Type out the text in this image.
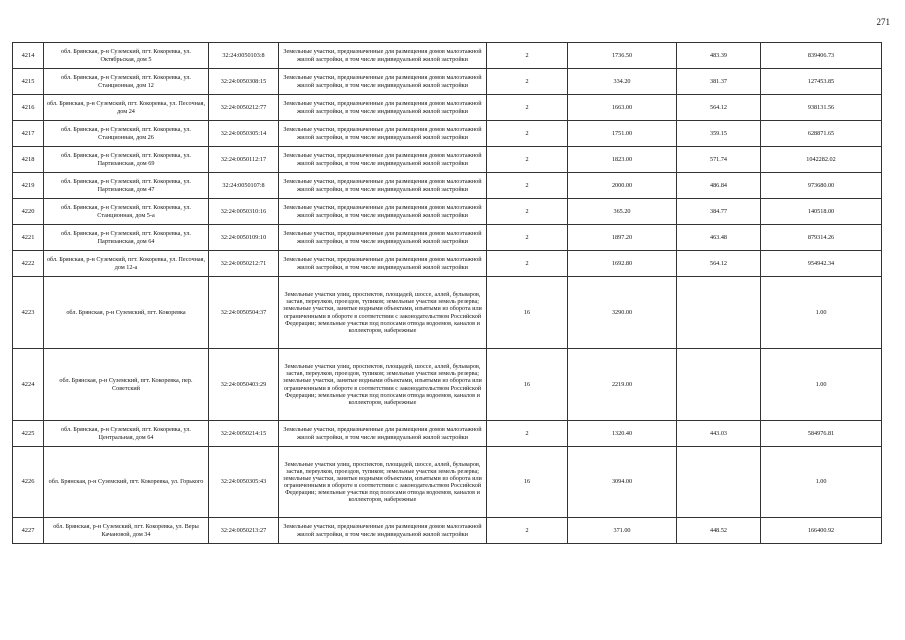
271
4214	обл. Брянская, р-н Суземский, пгт. Кокоревка, ул. Октябрьская, дом 5	32:24:0050103:8	Земельные участки, предназначенные для размещения домов малоэтажной жилой застройки, в том числе индивидуальной жилой застройки	2	1736.50	483.39	839406.73
4215	обл. Брянская, р-н Суземский, пгт. Кокоревка, ул. Станционная, дом 12	32:24:0050308:15	Земельные участки, предназначенные для размещения домов малоэтажной жилой застройки, в том числе индивидуальной жилой застройки	2	334.20	381.37	127453.85
4216	обл. Брянская, р-н Суземский, пгт. Кокоревка, ул. Песочная, дом 24	32:24:0050212:77	Земельные участки, предназначенные для размещения домов малоэтажной жилой застройки, в том числе индивидуальной жилой застройки	2	1663.00	564.12	938131.56
4217	обл. Брянская, р-н Суземский, пгт. Кокоревка, ул. Станционная, дом 26	32:24:0050305:14	Земельные участки, предназначенные для размещения домов малоэтажной жилой застройки, в том числе индивидуальной жилой застройки	2	1751.00	359.15	628871.65
4218	обл. Брянская, р-н Суземский, пгт. Кокоревка, ул. Партизанская, дом 69	32:24:0050112:17	Земельные участки, предназначенные для размещения домов малоэтажной жилой застройки, в том числе индивидуальной жилой застройки	2	1823.00	571.74	1042282.02
4219	обл. Брянская, р-н Суземский, пгт. Кокоревка, ул. Партизанская, дом 47	32:24:0050107:8	Земельные участки, предназначенные для размещения домов малоэтажной жилой застройки, в том числе индивидуальной жилой застройки	2	2000.00	486.84	973680.00
4220	обл. Брянская, р-н Суземский, пгт. Кокоревка, ул. Станционная, дом 5-а	32:24:0050310:16	Земельные участки, предназначенные для размещения домов малоэтажной жилой застройки, в том числе индивидуальной жилой застройки	2	365.20	384.77	140518.00
4221	обл. Брянская, р-н Суземский, пгт. Кокоревка, ул. Партизанская, дом 64	32:24:0050109:10	Земельные участки, предназначенные для размещения домов малоэтажной жилой застройки, в том числе индивидуальной жилой застройки	2	1897.20	463.48	879314.26
4222	обл. Брянская, р-н Суземский, пгт. Кокоревка, ул. Песочная, дом 12-а	32:24:0050212:71	Земельные участки, предназначенные для размещения домов малоэтажной жилой застройки, в том числе индивидуальной жилой застройки	2	1692.80	564.12	954942.34
4223	обл. Брянская, р-н Суземский, пгт. Кокоревка	32:24:0050504:37	Земельные участки улиц, проспектов, площадей, шоссе, аллей, бульваров, застав, переулков, проездов, тупиков; земельные участки земель резерва; земельные участки, занятые водными объектами, изъятыми из оборота или ограниченными в обороте в соответствии с законодательством Российской Федерации; земельные участки под полосами отвода водоемов, каналов и коллекторов, набережные	16	3290.00		1.00
4224	обл. Брянская, р-н Суземский, пгт. Кокоревка, пер. Советский	32:24:0050403:29	Земельные участки улиц, проспектов, площадей, шоссе, аллей, бульваров, застав, переулков, проездов, тупиков; земельные участки земель резерва; земельные участки, занятые водными объектами, изъятыми из оборота или ограниченными в обороте в соответствии с законодательством Российской Федерации; земельные участки под полосами отвода водоемов, каналов и коллекторов, набережные	16	2219.00		1.00
4225	обл. Брянская, р-н Суземский, пгт. Кокоревка, ул. Центральная, дом 64	32:24:0050214:15	Земельные участки, предназначенные для размещения домов малоэтажной жилой застройки, в том числе индивидуальной жилой застройки	2	1320.40	443.03	584976.81
4226	обл. Брянская, р-н Суземский, пгт. Кокоревка, ул. Горького	32:24:0050305:43	Земельные участки улиц, проспектов, площадей, шоссе, аллей, бульваров, застав, переулков, проездов, тупиков; земельные участки земель резерва; земельные участки, занятые водными объектами, изъятыми из оборота или ограниченными в обороте в соответствии с законодательством Российской Федерации; земельные участки под полосами отвода водоемов, каналов и коллекторов, набережные	16	3094.00		1.00
4227	обл. Брянская, р-н Суземский, пгт. Кокоревка, ул. Веры Качановой, дом 34	32:24:0050213:27	Земельные участки, предназначенные для размещения домов малоэтажной жилой застройки, в том числе индивидуальной жилой застройки	2	371.00	448.52	166400.92
